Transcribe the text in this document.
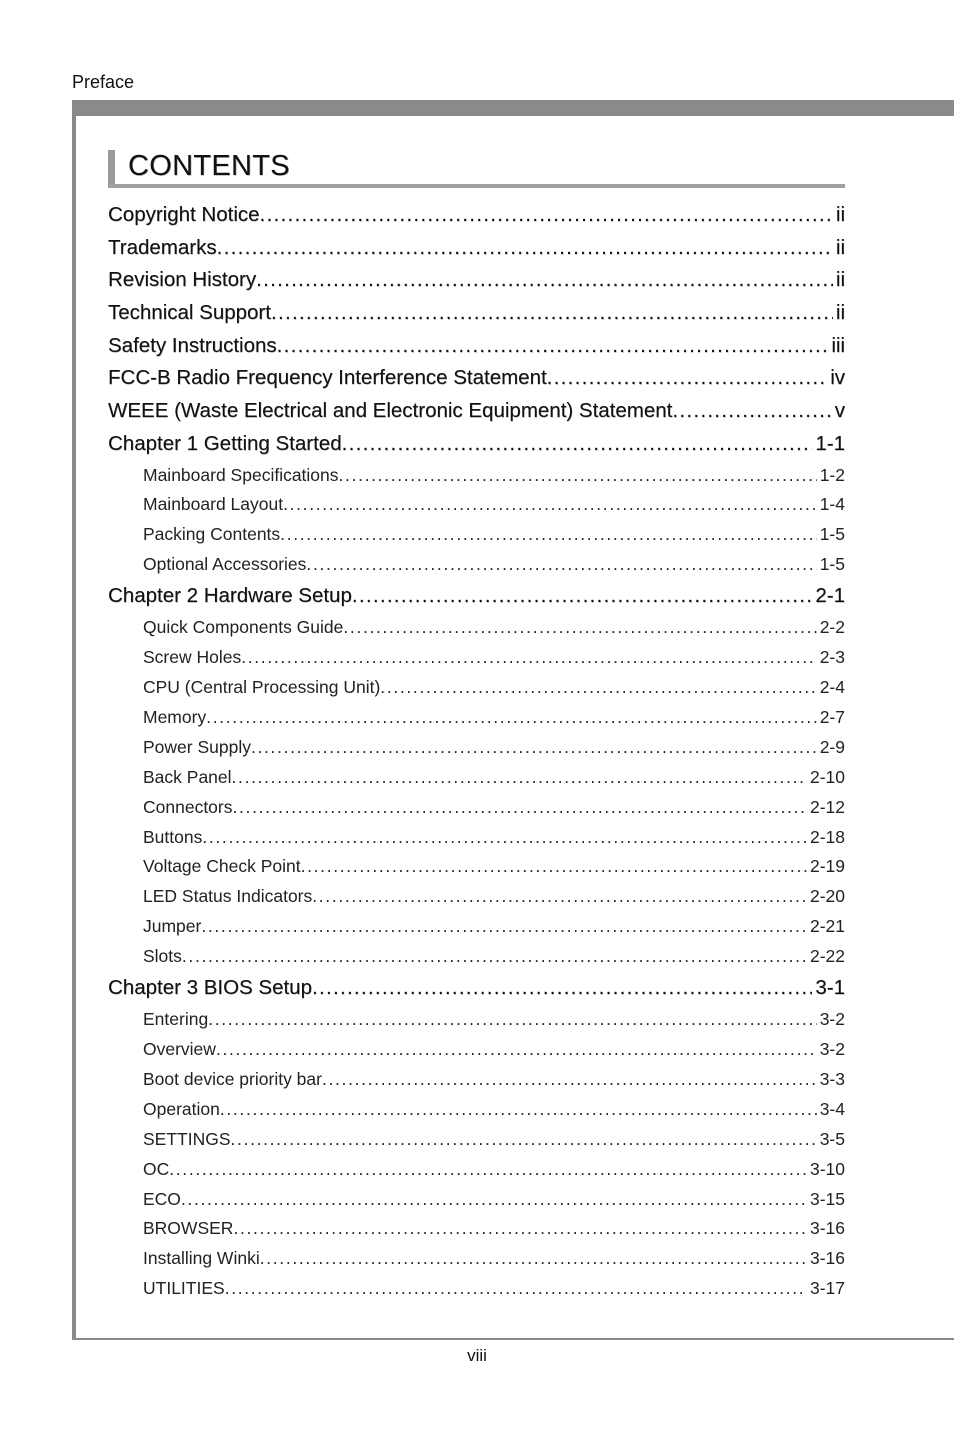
Preface
CONTENTS
Copyright Notice . . .	ii
Trademarks . . .	ii
Revision History . . .	ii
Technical Support . . .	ii
Safety Instructions . . .	iii
FCC-B Radio Frequency Interference Statement . . .	iv
WEEE (Waste Electrical and Electronic Equipment) Statement . . .	v
Chapter 1 Getting Started . . .	1-1
Mainboard Specifications . . .	1-2
Mainboard Layout . . .	1-4
Packing Contents . . .	1-5
Optional Accessories . . .	1-5
Chapter 2 Hardware Setup . . .	2-1
Quick Components Guide . . .	2-2
Screw Holes . . .	2-3
CPU (Central Processing Unit) . . .	2-4
Memory . . .	2-7
Power Supply . . .	2-9
Back Panel . . .	2-10
Connectors . . .	2-12
Buttons . . .	2-18
Voltage Check Point . . .	2-19
LED Status Indicators . . .	2-20
Jumper . . .	2-21
Slots . . .	2-22
Chapter 3 BIOS Setup . . .	3-1
Entering . . .	3-2
Overview . . .	3-2
Boot device priority bar . . .	3-3
Operation . . .	3-4
SETTINGS . . .	3-5
OC . . .	3-10
ECO . . .	3-15
BROWSER . . .	3-16
Installing Winki . . .	3-16
UTILITIES . . .	3-17
viii
